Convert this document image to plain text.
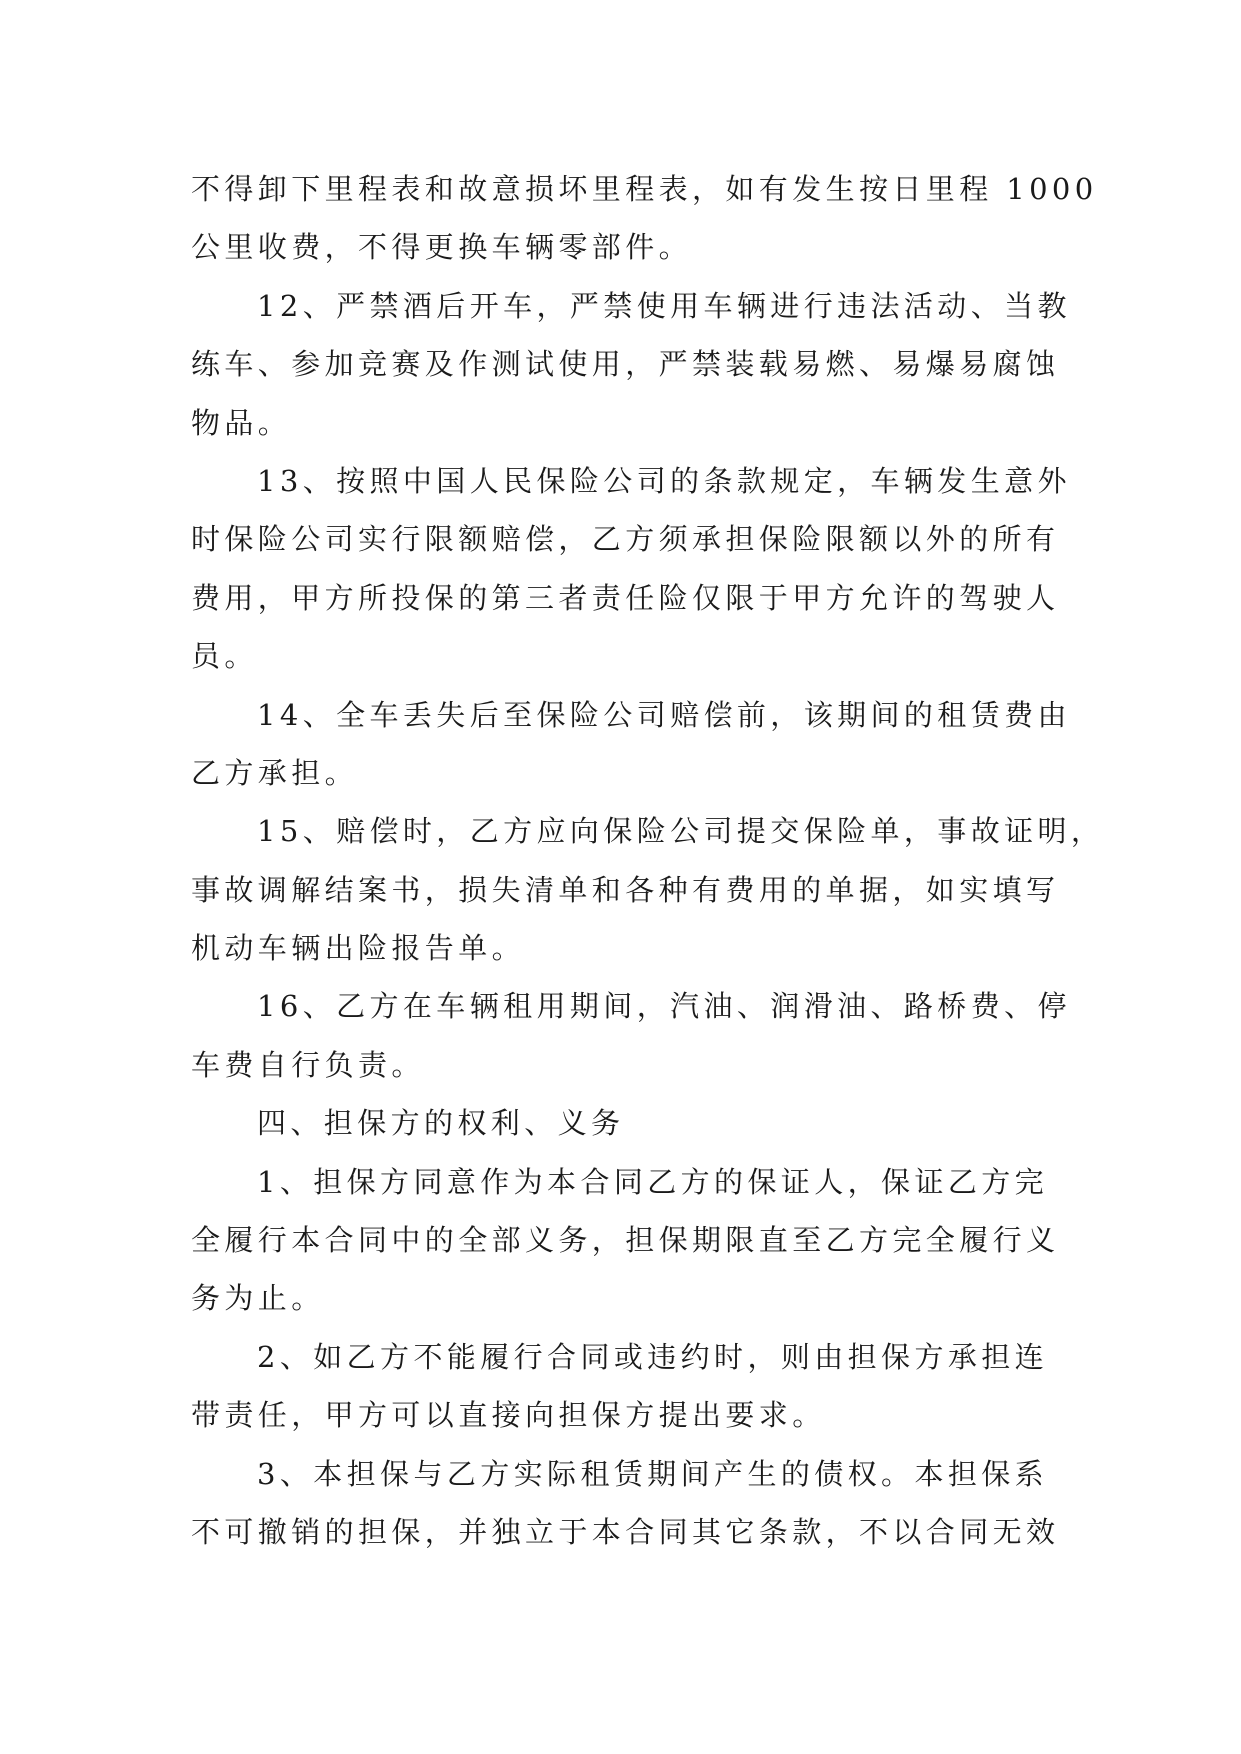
不得卸下里程表和故意损坏里程表，如有发生按日里程 1000
公里收费，不得更换车辆零部件。
12、严禁酒后开车，严禁使用车辆进行违法活动、当教
练车、参加竞赛及作测试使用，严禁装载易燃、易爆易腐蚀
物品。
13、按照中国人民保险公司的条款规定，车辆发生意外
时保险公司实行限额赔偿，乙方须承担保险限额以外的所有
费用，甲方所投保的第三者责任险仅限于甲方允许的驾驶人
员。
14、全车丢失后至保险公司赔偿前，该期间的租赁费由
乙方承担。
15、赔偿时，乙方应向保险公司提交保险单，事故证明，
事故调解结案书，损失清单和各种有费用的单据，如实填写
机动车辆出险报告单。
16、乙方在车辆租用期间，汽油、润滑油、路桥费、停
车费自行负责。
四、担保方的权利、义务
1、担保方同意作为本合同乙方的保证人，保证乙方完
全履行本合同中的全部义务，担保期限直至乙方完全履行义
务为止。
2、如乙方不能履行合同或违约时，则由担保方承担连
带责任，甲方可以直接向担保方提出要求。
3、本担保与乙方实际租赁期间产生的债权。本担保系
不可撤销的担保，并独立于本合同其它条款，不以合同无效
